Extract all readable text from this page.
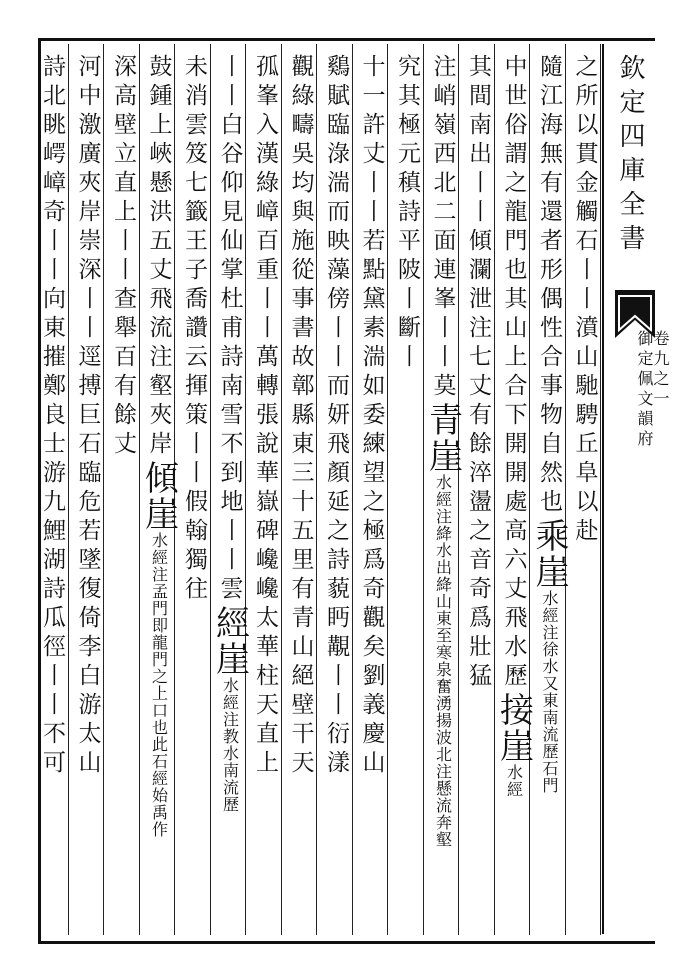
欽定四庫全書
御定佩文韻府
卷九之一
之所以貫金觸石丨丨濆山馳騁丘阜以赴
隨江海無有還者形偶性合事物自然也乘崖水經注徐水又東南流歷石門
中世俗謂之龍門也其山上合下開開處高六丈飛水歷接崖水經
其間南出丨丨傾瀾泄注七丈有餘淬盪之音奇爲壯猛
注峭嶺西北二面連峯丨丨莫青崖水經注絳水出絳山東至寒泉奮湧揚波北注懸流奔壑
究其極元稹詩平陂丨斷丨
十一許丈丨丨若點黛素湍如委練望之極爲奇觀矣劉義慶山
鷄賦臨淥湍而映藻傍丨丨而妍飛顏延之詩藐眄覯丨丨衍漾
觀綠疇吳均與施從事書故鄣縣東三十五里有青山絕壁干天
孤峯入漢綠嶂百重丨丨萬轉張說華嶽碑巉巉太華柱天直上
丨丨白谷仰見仙掌杜甫詩南雪不到地丨丨雲經崖水經注教水南流歷
未消雲笈七籤王子喬讚云揮策丨丨假翰獨往
鼓鍾上峽懸洪五丈飛流注壑夾岸傾崖水經注孟門即龍門之上口也此石經始禹作
深高壁立直上丨丨查舉百有餘丈
河中激廣夾岸崇深丨丨逕搏巨石臨危若墜復倚李白游太山
詩北眺崿嶂奇丨丨向東摧鄭良士游九鯉湖詩瓜徑丨丨不可
